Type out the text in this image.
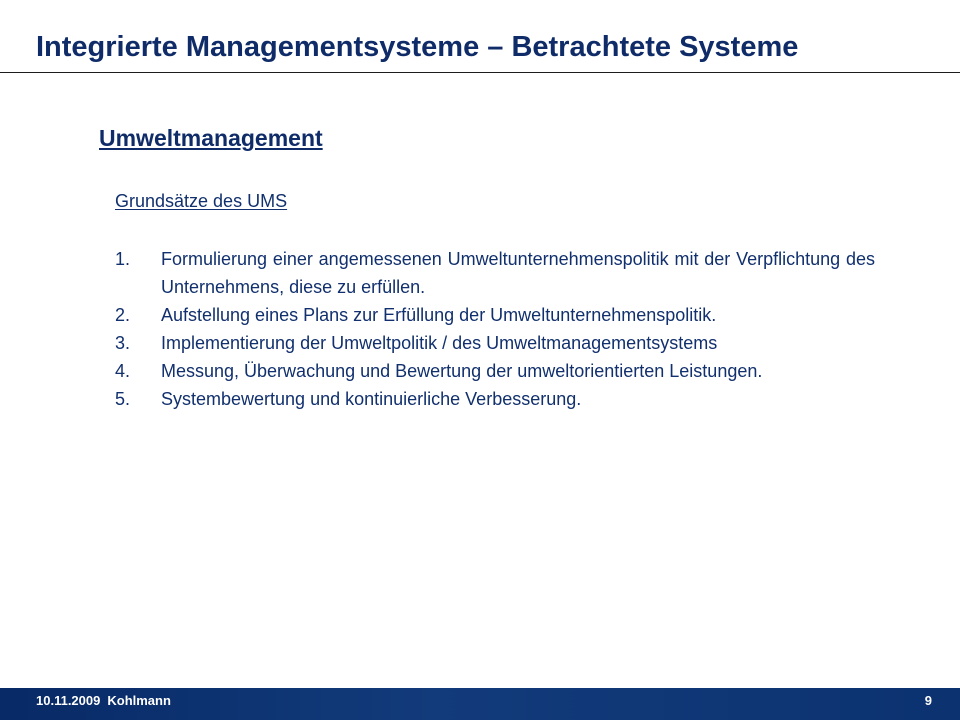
Integrierte Managementsysteme – Betrachtete Systeme
Umweltmanagement
Grundsätze des UMS
1.	Formulierung einer angemessenen Umweltunternehmenspolitik mit der Verpflichtung des Unternehmens, diese zu erfüllen.
2.	Aufstellung eines Plans zur Erfüllung der Umweltunternehmenspolitik.
3.	Implementierung der Umweltpolitik / des Umweltmanagementsystems
4.	Messung, Überwachung und Bewertung der umweltorientierten Leistungen.
5.	Systembewertung und kontinuierliche Verbesserung.
10.11.2009 Kohlmann	9
